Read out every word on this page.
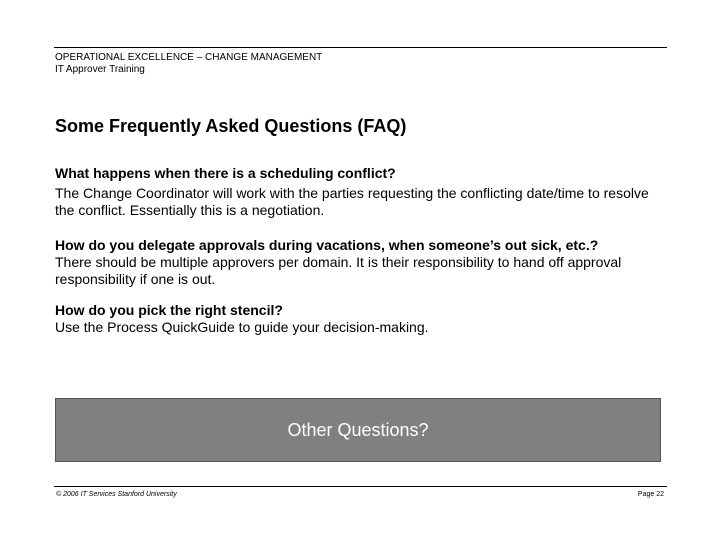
OPERATIONAL EXCELLENCE – CHANGE MANAGEMENT
IT Approver Training
Some Frequently Asked Questions (FAQ)

What happens when there is a scheduling conflict?

The Change Coordinator will work with the parties requesting the conflicting date/time to resolve the conflict. Essentially this is a negotiation.

How do you delegate approvals during vacations, when someone’s out sick, etc.?

There should be multiple approvers per domain. It is their responsibility to hand off approval responsibility if one is out.

How do you pick the right stencil?

Use the Process QuickGuide to guide your decision-making.

Other Questions?
© 2006 IT Services Stanford University	Page 22
